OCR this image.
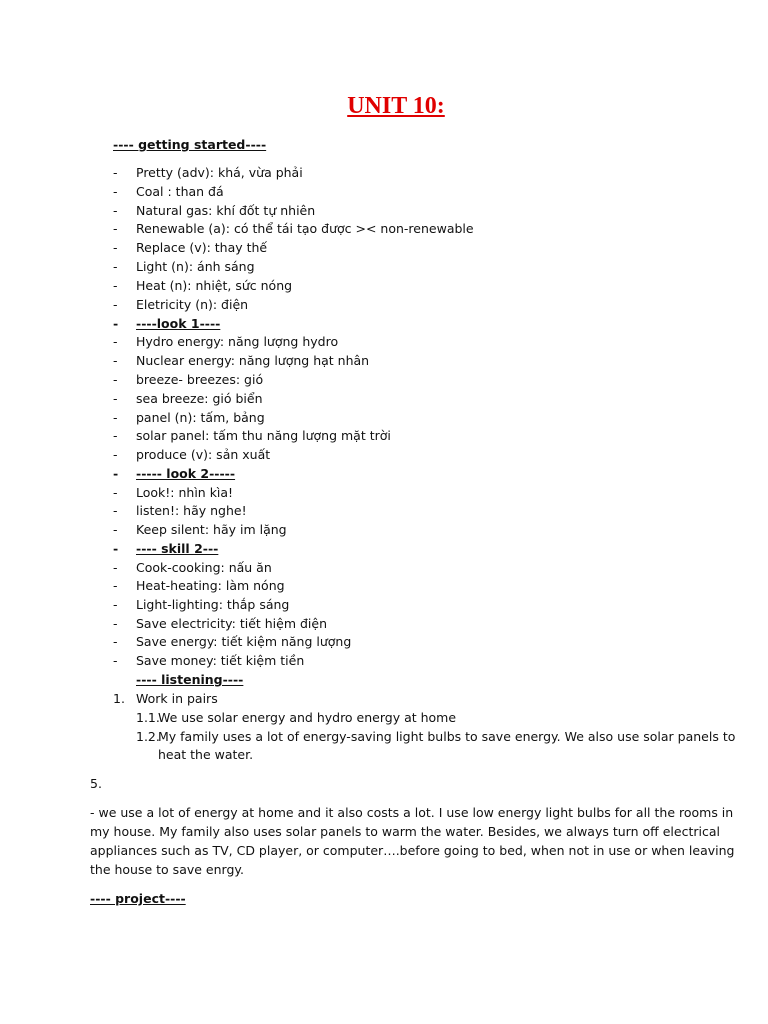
UNIT 10:
---- getting started----
-	Pretty (adv): khá, vừa phải
-	Coal : than đá
-	Natural gas: khí đốt tự nhiên
-	Renewable (a): có thể tái tạo được >< non-renewable
-	Replace (v): thay thế
-	Light (n): ánh sáng
-	Heat (n): nhiệt, sức nóng
-	Eletricity (n): điện
-	----look 1----
-	Hydro energy: năng lượng hydro
-	Nuclear energy: năng lượng hạt nhân
-	breeze- breezes: gió
-	sea breeze: gió biển
-	panel (n): tấm, bảng
-	solar panel: tấm thu năng lượng mặt trời
-	produce (v): sản xuất
-	----- look 2-----
-	Look!: nhìn kìa!
-	listen!: hãy nghe!
-	Keep silent: hãy im lặng
-	---- skill 2---
-	Cook-cooking: nấu ăn
-	Heat-heating: làm nóng
-	Light-lighting: thắp sáng
-	Save electricity: tiết hiệm điện
-	Save energy: tiết kiệm năng lượng
-	Save money: tiết kiệm tiền
---- listening----
1. Work in pairs
1.1.
We use solar energy and hydro energy at home
1.2.
My family uses a lot of energy-saving light bulbs to save energy. We also use solar panels to
heat the water.
5.
- we use a lot of energy at home and it also costs a lot. I use low energy light bulbs for all the rooms in
my house. My family also uses solar panels to warm the water. Besides, we always turn off electrical
appliances such as TV, CD player, or computer….before going to bed, when not in use or when leaving
the house to save enrgy.
---- project----
